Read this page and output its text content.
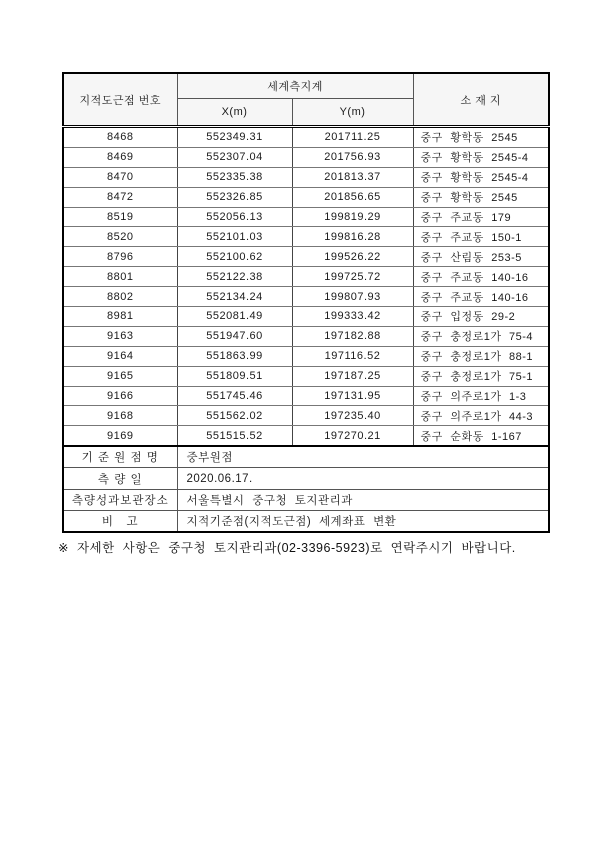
지적도근점 번호	세계측지계		소 재 지
	X(m)	Y(m)	
8468	552349.31	201711.25	중구 황학동 2545
8469	552307.04	201756.93	중구 황학동 2545-4
8470	552335.38	201813.37	중구 황학동 2545-4
8472	552326.85	201856.65	중구 황학동 2545
8519	552056.13	199819.29	중구 주교동 179
8520	552101.03	199816.28	중구 주교동 150-1
8796	552100.62	199526.22	중구 산림동 253-5
8801	552122.38	199725.72	중구 주교동 140-16
8802	552134.24	199807.93	중구 주교동 140-16
8981	552081.49	199333.42	중구 입정동 29-2
9163	551947.60	197182.88	중구 충정로1가 75-4
9164	551863.99	197116.52	중구 충정로1가 88-1
9165	551809.51	197187.25	중구 충정로1가 75-1
9166	551745.46	197131.95	중구 의주로1가 1-3
9168	551562.02	197235.40	중구 의주로1가 44-3
9169	551515.52	197270.21	중구 순화동 1-167
기 준 원 점 명	중부원점		
측 량 일	2020.06.17.		
측량성과보관장소	서울특별시 중구청 토지관리과		
비   고	지적기준점(지적도근점) 세계좌표 변환		
※ 자세한 사항은 중구청 토지관리과(02-3396-5923)로 연락주시기 바랍니다.
